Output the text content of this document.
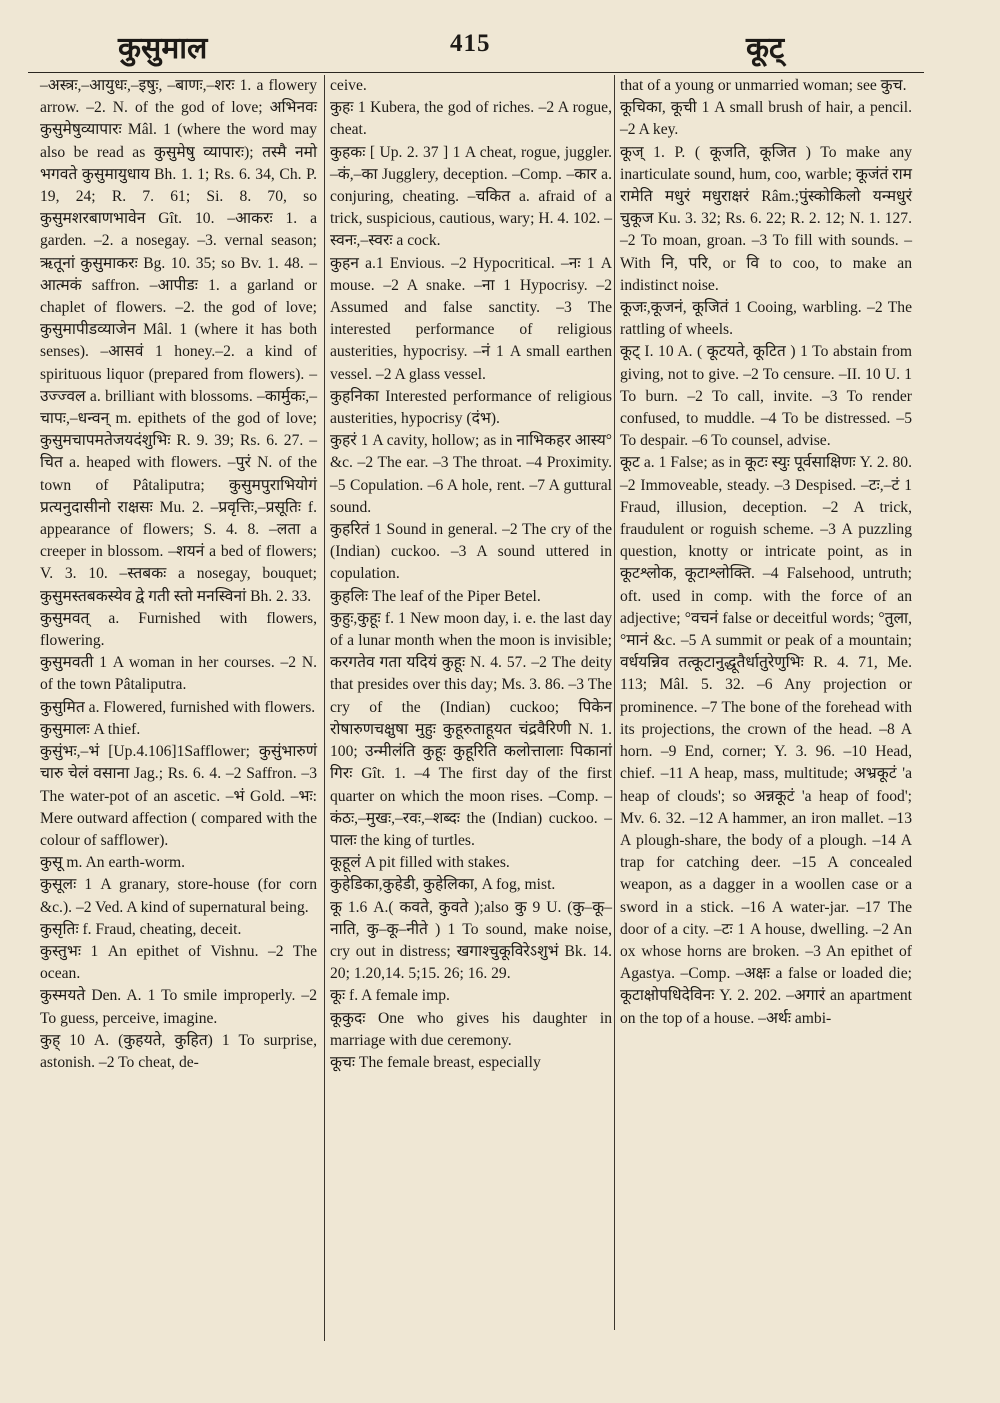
कुसुमाल	415	कूट्

–अस्त्रः,–आयुधः,–इषुः, –बाणः,–शरः 1. a flowery arrow. –2. N. of the god of love; अभिनवः कुसुमेषुव्यापारः Mâl. 1 (where the word may also be read as कुसुमेषु व्यापारः); तस्मै नमो भगवते कुसुमायुधाय Bh. 1. 1; Rs. 6. 34, Ch. P. 19, 24; R. 7. 61; Si. 8. 70, so कुसुमशरबाणभावेन Gît. 10. –आकरः 1. a garden. –2. a nosegay. –3. vernal season; ऋतूनां कुसुमाकरः Bg. 10. 35; so Bv. 1. 48. –आत्मकं saffron. –आपीडः 1. a garland or chaplet of flowers. –2. the god of love; कुसुमापीडव्याजेन Mâl. 1 (where it has both senses). –आसवं 1 honey.–2. a kind of spirituous liquor (prepared from flowers). –उज्ज्वल a. brilliant with blossoms. –कार्मुकः,–चापः,–धन्वन् m. epithets of the god of love; कुसुमचापमतेजयदंशुभिः R. 9. 39; Rs. 6. 27. –चित a. heaped with flowers. –पुरं N. of the town of Pâtaliputra; कुसुमपुराभियोगं प्रत्यनुदासीनो राक्षसः Mu. 2. –प्रवृत्तिः,–प्रसूतिः f. appearance of flowers; S. 4. 8. –लता a creeper in blossom. –शयनं a bed of flowers; V. 3. 10. –स्तबकः a nosegay, bouquet; कुसुमस्तबकस्येव द्वे गती स्तो मनस्विनां Bh. 2. 33.

कुसुमवत् a. Furnished with flowers, flowering.

कुसुमवती 1 A woman in her courses. –2 N. of the town Pâtaliputra.

कुसुमित a. Flowered, furnished with flowers.

कुसुमालः A thief.

कुसुंभः,–भं [Up.4.106]1Safflower; कुसुंभारुणं चारु चेलं वसाना Jag.; Rs. 6. 4. –2 Saffron. –3 The water-pot of an ascetic. –भं Gold. –भः: Mere outward affection ( compared with the colour of safflower).

कुसू m. An earth-worm.

कुसूलः 1 A granary, store-house (for corn &c.). –2 Ved. A kind of supernatural being.

कुसृतिः f. Fraud, cheating, deceit.

कुस्तुभः 1 An epithet of Vishnu. –2 The ocean.

कुस्मयते Den. A. 1 To smile improperly. –2 To guess, perceive, imagine.

कुह् 10 A. (कुहयते, कुहित) 1 To surprise, astonish. –2 To cheat, de-

ceive.

कुहः 1 Kubera, the god of riches. –2 A rogue, cheat.

कुहकः [ Up. 2. 37 ] 1 A cheat, rogue, juggler. –कं,–का Jugglery, deception. –Comp. –कार a. conjuring, cheating. –चकित a. afraid of a trick, suspicious, cautious, wary; H. 4. 102. –स्वनः,–स्वरः a cock.

कुहन a.1 Envious. –2 Hypocritical. –नः 1 A mouse. –2 A snake. –ना 1 Hypocrisy. –2 Assumed and false sanctity. –3 The interested performance of religious austerities, hypocrisy. –नं 1 A small earthen vessel. –2 A glass vessel.

कुहनिका Interested performance of religious austerities, hypocrisy (दंभ).

कुहरं 1 A cavity, hollow; as in नाभिकहर आस्य° &c. –2 The ear. –3 The throat. –4 Proximity. –5 Copulation. –6 A hole, rent. –7 A guttural sound.

कुहरितं 1 Sound in general. –2 The cry of the (Indian) cuckoo. –3 A sound uttered in copulation.

कुहलिः The leaf of the Piper Betel.

कुहुः,कुहूः f. 1 New moon day, i. e. the last day of a lunar month when the moon is invisible; करगतेव गता यदियं कुहूः N. 4. 57. –2 The deity that presides over this day; Ms. 3. 86. –3 The cry of the (Indian) cuckoo; पिकेन रोषारुणचक्षुषा मुहुः कुहूरुताहूयत चंद्रवैरिणी N. 1. 100; उन्मीलंति कुहूः कुहूरिति कलोत्तालाः पिकानां गिरः Gît. 1. –4 The first day of the first quarter on which the moon rises. –Comp. –कंठः,–मुखः,–रवः,–शब्दः the (Indian) cuckoo. –पालः the king of turtles.

कूहूलं A pit filled with stakes.

कुहेडिका,कुहेडी, कुहेलिका, A fog, mist.

कू 1.6 A.( कवते, कुवते );also कु 9 U. (कु–कू–नाति, कु–कू–नीते ) 1 To sound, make noise, cry out in distress; खगाश्चुकूविरेऽशुभं Bk. 14. 20; 1.20,14. 5;15. 26; 16. 29.

कूः f. A female imp.

कूकुदः One who gives his daughter in marriage with due ceremony.

कूचः The female breast, especially

that of a young or unmarried woman; see कुच.

कूचिका, कूची 1 A small brush of hair, a pencil. –2 A key.

कूज् 1. P. ( कूजति, कूजित ) To make any inarticulate sound, hum, coo, warble; कूजंतं राम रामेति मधुरं मधुराक्षरं Râm.;पुंस्कोकिलो यन्मधुरं चुकूज Ku. 3. 32; Rs. 6. 22; R. 2. 12; N. 1. 127. –2 To moan, groan. –3 To fill with sounds. –With नि, परि, or वि to coo, to make an indistinct noise.

कूजः,कूजनं, कूजितं 1 Cooing, warbling. –2 The rattling of wheels.

कूट् I. 10 A. ( कूटयते, कूटित ) 1 To abstain from giving, not to give. –2 To censure. –II. 10 U. 1 To burn. –2 To call, invite. –3 To render confused, to muddle. –4 To be distressed. –5 To despair. –6 To counsel, advise.

कूट a. 1 False; as in कूटः स्युः पूर्वसाक्षिणः Y. 2. 80. –2 Immoveable, steady. –3 Despised. –टः,–टं 1 Fraud, illusion, deception. –2 A trick, fraudulent or roguish scheme. –3 A puzzling question, knotty or intricate point, as in कूटश्लोक, कूटाश्लोक्ति. –4 Falsehood, untruth; oft. used in comp. with the force of an adjective; °वचनं false or deceitful words; °तुला, °मानं &c. –5 A summit or peak of a mountain; वर्धयन्निव तत्कूटानुद्धूतैर्धातुरेणुभिः R. 4. 71, Me. 113; Mâl. 5. 32. –6 Any projection or prominence. –7 The bone of the forehead with its projections, the crown of the head. –8 A horn. –9 End, corner; Y. 3. 96. –10 Head, chief. –11 A heap, mass, multitude; अभ्रकूटं 'a heap of clouds'; so अन्नकूटं 'a heap of food'; Mv. 6. 32. –12 A hammer, an iron mallet. –13 A plough-share, the body of a plough. –14 A trap for catching deer. –15 A concealed weapon, as a dagger in a woollen case or a sword in a stick. –16 A water-jar. –17 The door of a city. –टः 1 A house, dwelling. –2 An ox whose horns are broken. –3 An epithet of Agastya. –Comp. –अक्षः a false or loaded die; कूटाक्षोपधिदेविनः Y. 2. 202. –अगारं an apartment on the top of a house. –अर्थः ambi-
